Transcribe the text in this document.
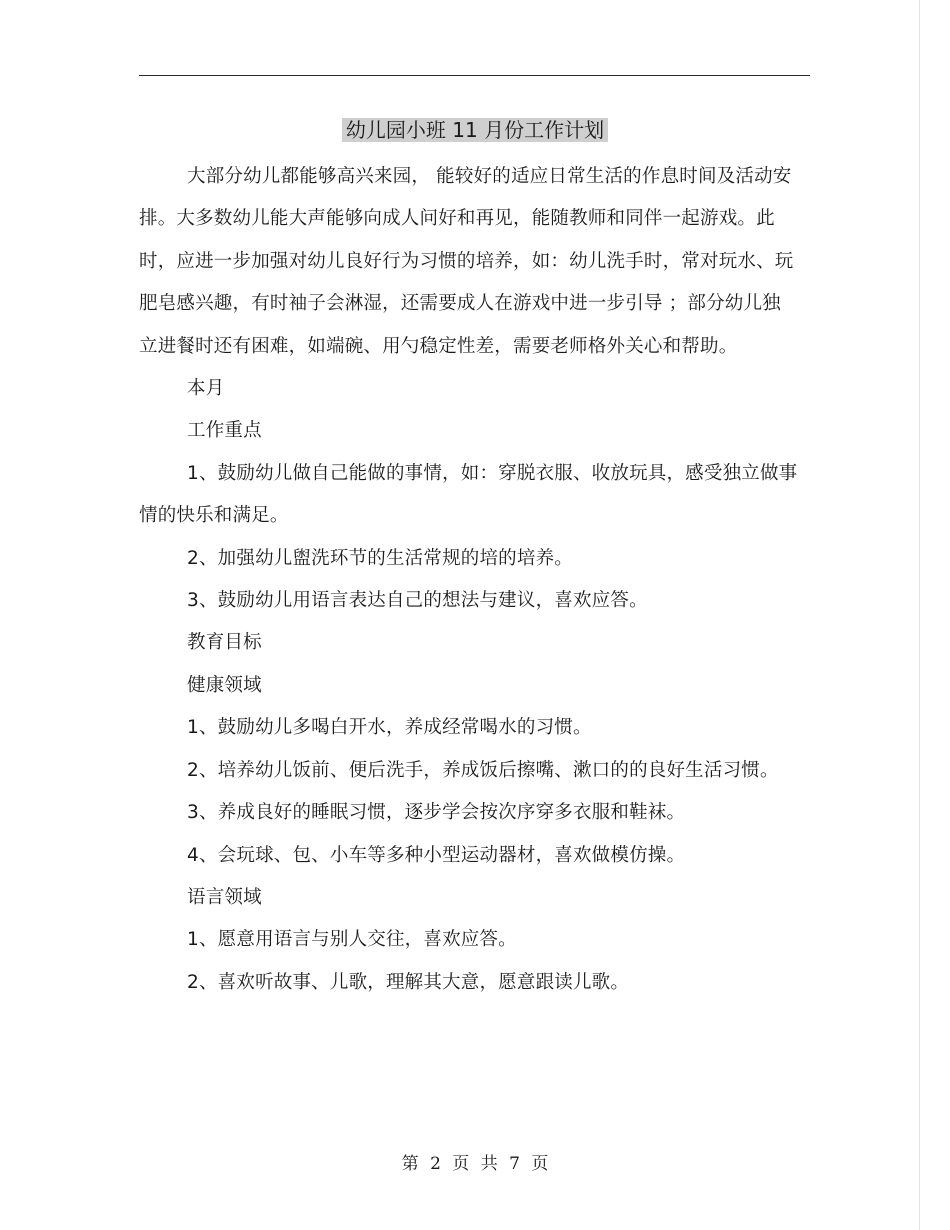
幼儿园小班 11 月份工作计划

大部分幼儿都能够高兴来园， 能较好的适应日常生活的作息时间及活动安排。大多数幼儿能大声能够向成人问好和再见，能随教师和同伴一起游戏。此时，应进一步加强对幼儿良好行为习惯的培养，如：幼儿洗手时，常对玩水、玩肥皂感兴趣，有时袖子会淋湿，还需要成人在游戏中进一步引导 ；部分幼儿独立进餐时还有困难，如端碗、用勺稳定性差，需要老师格外关心和帮助。

本月

工作重点

1、鼓励幼儿做自己能做的事情，如：穿脱衣服、收放玩具，感受独立做事情的快乐和满足。

2、加强幼儿盥洗环节的生活常规的培的培养。

3、鼓励幼儿用语言表达自己的想法与建议，喜欢应答。

教育目标

健康领域

1、鼓励幼儿多喝白开水，养成经常喝水的习惯。

2、培养幼儿饭前、便后洗手，养成饭后擦嘴、漱口的的良好生活习惯。

3、养成良好的睡眠习惯，逐步学会按次序穿多衣服和鞋袜。

4、会玩球、包、小车等多种小型运动器材，喜欢做模仿操。

语言领域

1、愿意用语言与别人交往，喜欢应答。

2、喜欢听故事、儿歌，理解其大意，愿意跟读儿歌。

第 2 页 共 7 页
